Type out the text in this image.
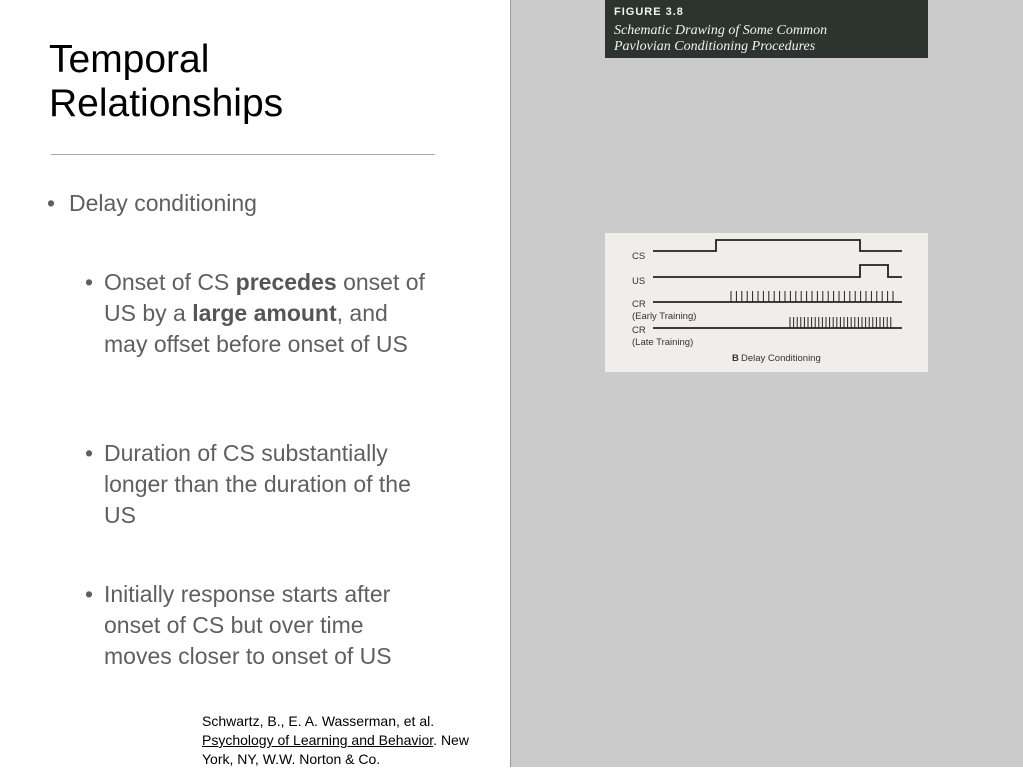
Temporal
Relationships
• Delay conditioning
• Onset of CS precedes onset of US by a large amount, and may offset before onset of US
• Duration of CS substantially longer than the duration of the US
• Initially response starts after onset of CS but over time moves closer to onset of US
Schwartz, B., E. A. Wasserman, et al.
Psychology of Learning and Behavior. New York, NY, W.W. Norton & Co.
FIGURE 3.8
Schematic Drawing of Some Common
Pavlovian Conditioning Procedures
CS
US
CR
(Early Training)
CR
(Late Training)
B Delay Conditioning
